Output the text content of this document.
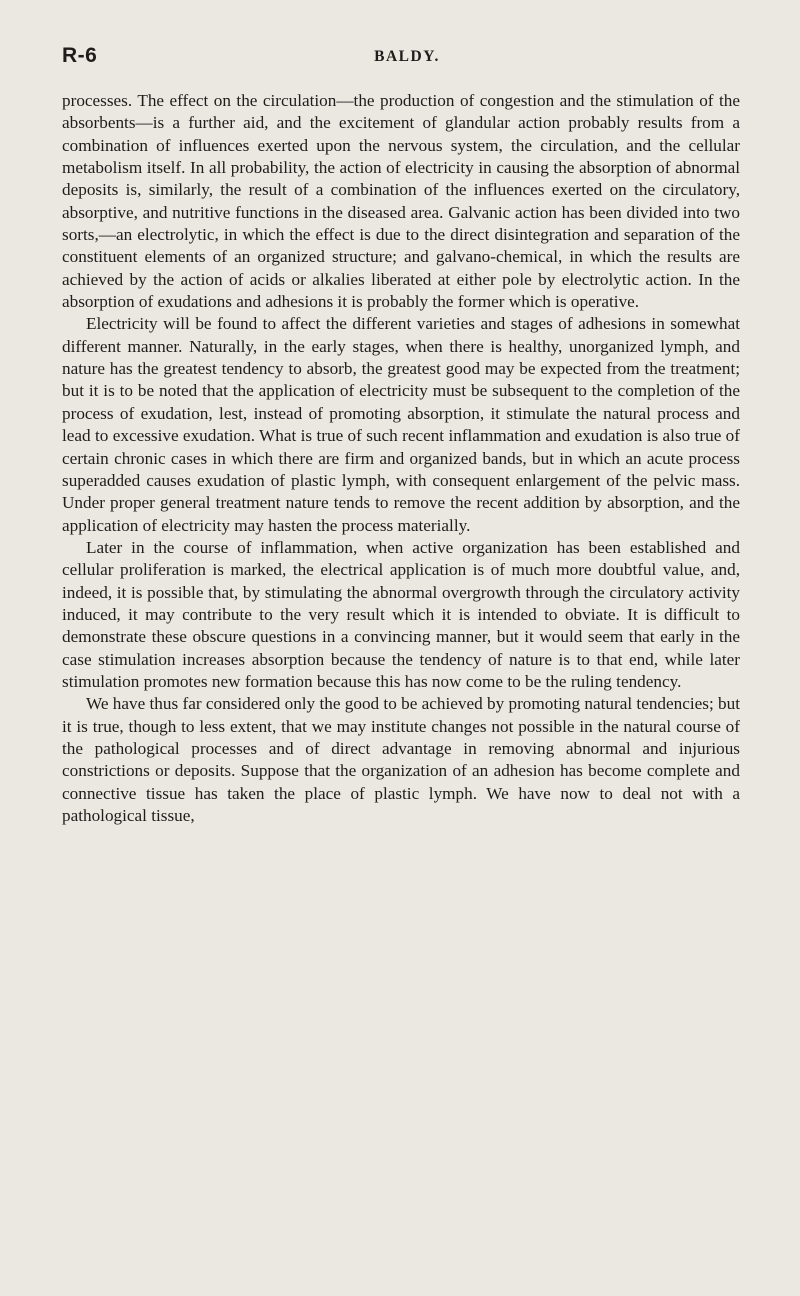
R-6	BALDY.

processes. The effect on the circulation—the production of congestion and the stimulation of the absorbents—is a further aid, and the excitement of glandular action probably results from a combination of influences exerted upon the nervous system, the circulation, and the cellular metabolism itself. In all probability, the action of electricity in causing the absorption of abnormal deposits is, similarly, the result of a combination of the influences exerted on the circulatory, absorptive, and nutritive functions in the diseased area. Galvanic action has been divided into two sorts,—an electrolytic, in which the effect is due to the direct disintegration and separation of the constituent elements of an organized structure; and galvano-chemical, in which the results are achieved by the action of acids or alkalies liberated at either pole by electrolytic action. In the absorption of exudations and adhesions it is probably the former which is operative.

Electricity will be found to affect the different varieties and stages of adhesions in somewhat different manner. Naturally, in the early stages, when there is healthy, unorganized lymph, and nature has the greatest tendency to absorb, the greatest good may be expected from the treatment; but it is to be noted that the application of electricity must be subsequent to the completion of the process of exudation, lest, instead of promoting absorption, it stimulate the natural process and lead to excessive exudation. What is true of such recent inflammation and exudation is also true of certain chronic cases in which there are firm and organized bands, but in which an acute process superadded causes exudation of plastic lymph, with consequent enlargement of the pelvic mass. Under proper general treatment nature tends to remove the recent addition by absorption, and the application of electricity may hasten the process materially.

Later in the course of inflammation, when active organization has been established and cellular proliferation is marked, the electrical application is of much more doubtful value, and, indeed, it is possible that, by stimulating the abnormal overgrowth through the circulatory activity induced, it may contribute to the very result which it is intended to obviate. It is difficult to demonstrate these obscure questions in a convincing manner, but it would seem that early in the case stimulation increases absorption because the tendency of nature is to that end, while later stimulation promotes new formation because this has now come to be the ruling tendency.

We have thus far considered only the good to be achieved by promoting natural tendencies; but it is true, though to less extent, that we may institute changes not possible in the natural course of the pathological processes and of direct advantage in removing abnormal and injurious constrictions or deposits. Suppose that the organization of an adhesion has become complete and connective tissue has taken the place of plastic lymph. We have now to deal not with a pathological tissue,
